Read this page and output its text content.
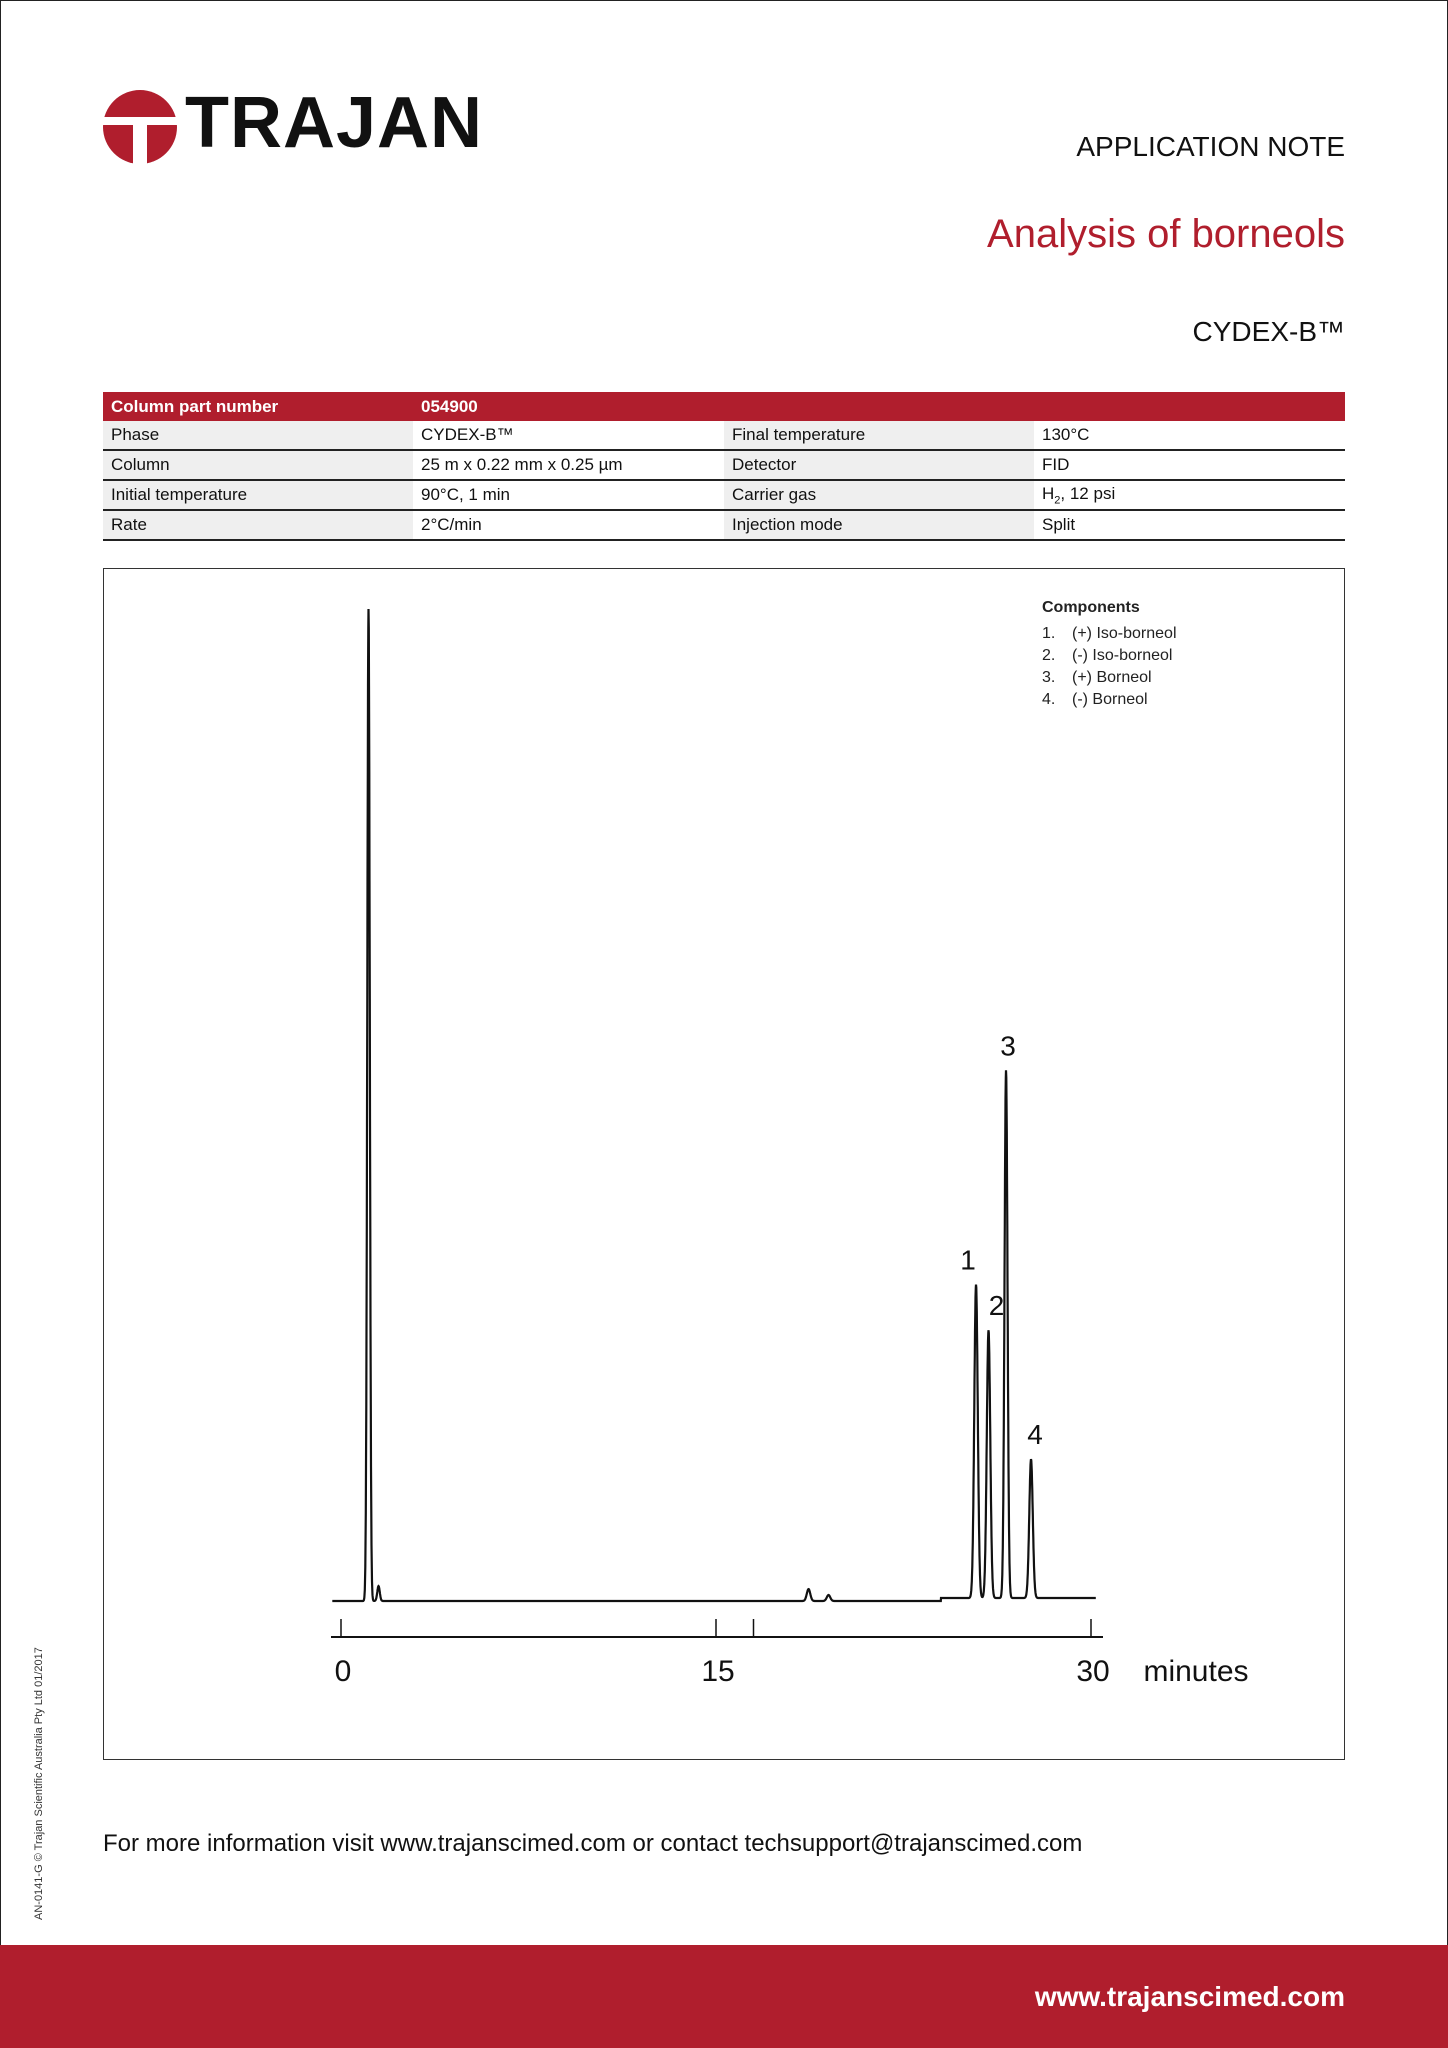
TRAJAN	APPLICATION NOTE
Analysis of borneols
CYDEX-B™
Column part number	054900		
Phase	CYDEX-B™	Final temperature	130°C
Column	25 m x 0.22 mm x 0.25 µm	Detector	FID
Initial temperature	90°C, 1 min	Carrier gas	$H_2$, 12 psi
Rate	2°C/min	Injection mode	Split
0	15	30 minutes
1
2
3
4
Components
1.	(+) Iso-borneol
2.	(-) Iso-borneol
3.	(+) Borneol
4.	(-) Borneol
For more information visit www.trajanscimed.com or contact techsupport@trajanscimed.com
AN-0141-G © Trajan Scientific Australia Pty Ltd 01/2017
www.trajanscimed.com
